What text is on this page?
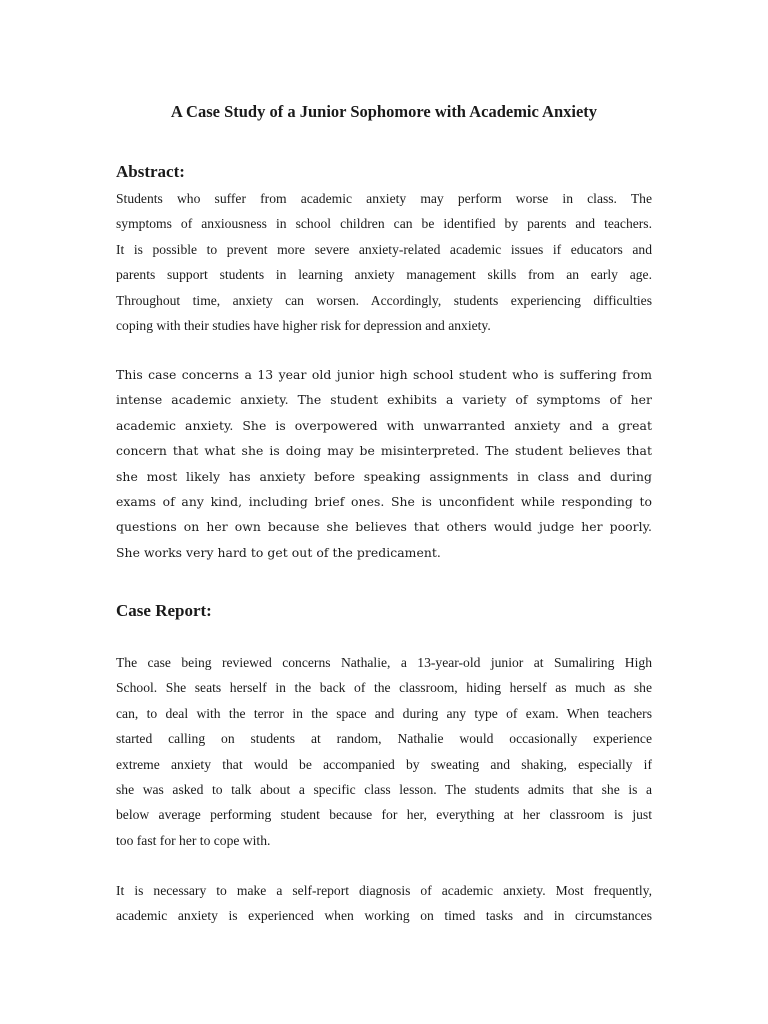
A Case Study of a Junior Sophomore with Academic Anxiety
Abstract:
Students who suffer from academic anxiety may perform worse in class. The
symptoms of anxiousness in school children can be identified by parents and teachers.
It is possible to prevent more severe anxiety-related academic issues if educators and
parents support students in learning anxiety management skills from an early age.
Throughout time, anxiety can worsen. Accordingly, students experiencing difficulties
coping with their studies have higher risk for depression and anxiety.
This case concerns a 13 year old junior high school student who is suffering from
intense academic anxiety. The student exhibits a variety of symptoms of her
academic anxiety. She is overpowered with unwarranted anxiety and a great
concern that what she is doing may be misinterpreted. The student believes that
she most likely has anxiety before speaking assignments in class and during
exams of any kind, including brief ones. She is unconfident while responding to
questions on her own because she believes that others would judge her poorly.
She works very hard to get out of the predicament.
Case Report:
The case being reviewed concerns Nathalie, a 13-year-old junior at Sumaliring High
School. She seats herself in the back of the classroom, hiding herself as much as she
can, to deal with the terror in the space and during any type of exam. When teachers
started calling on students at random, Nathalie would occasionally experience
extreme anxiety that would be accompanied by sweating and shaking, especially if
she was asked to talk about a specific class lesson. The students admits that she is a
below average performing student because for her, everything at her classroom is just
too fast for her to cope with.
It is necessary to make a self-report diagnosis of academic anxiety. Most frequently,
academic anxiety is experienced when working on timed tasks and in circumstances
